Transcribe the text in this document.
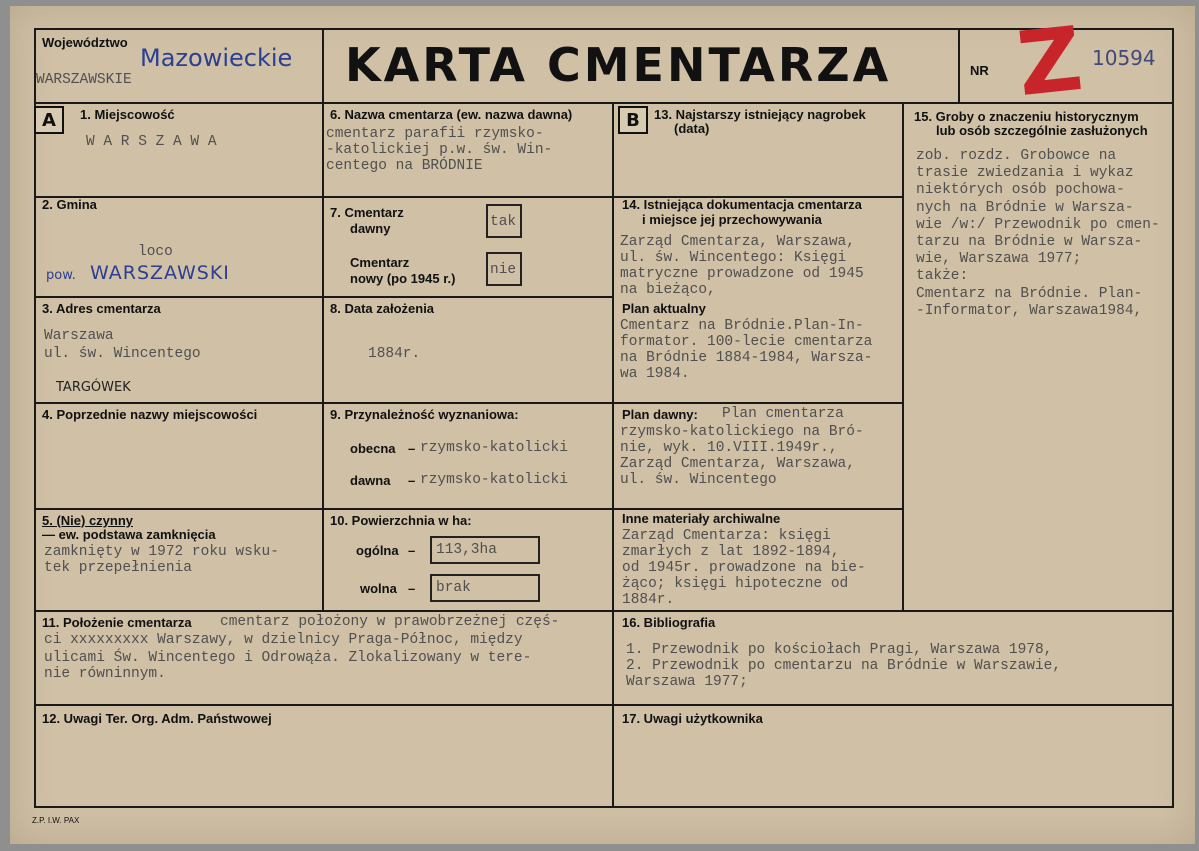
Województwo
Mazowieckie
WARSZAWSKIE	KARTA CMENTARZA	NR Z 10594
A	1. Miejscowość
W A R S Z A W A
2. Gmina
loco
pow. WARSZAWSKI
3. Adres cmentarza
Warszawa
ul. św. Wincentego
TARGÓWEK
4. Poprzednie nazwy miejscowości
5. (Nie) czynny
— ew. podstawa zamknięcia
zamknięty w 1972 roku wsku-
tek przepełnienia
6. Nazwa cmentarza (ew. nazwa dawna)
cmentarz parafii rzymsko-
-katolickiej p.w. św. Win-
centego na BRÓDNIE
7. Cmentarz
dawny	tak
Cmentarz
nowy (po 1945 r.)
nie
8. Data założenia
1884r.
9. Przynależność wyznaniowa:
obecna – rzymsko-katolicki
dawna – rzymsko-katolicki
10. Powierzchnia w ha:
ogólna – 113,3ha
wolna – brak
B	13. Najstarszy istniejący nagrobek
(data)
14. Istniejąca dokumentacja cmentarza
i miejsce jej przechowywania
Zarząd Cmentarza, Warszawa,
ul. św. Wincentego: Księgi
matryczne prowadzone od 1945
na bieżąco,
Plan aktualny
Cmentarz na Bródnie.Plan-In-
formator. 100-lecie cmentarza
na Bródnie 1884-1984, Warsza-
wa 1984.
Plan dawny: Plan cmentarza
rzymsko-katolickiego na Bró-
nie, wyk. 10.VIII.1949r.,
Zarząd Cmentarza, Warszawa,
ul. św. Wincentego
Inne materiały archiwalne
Zarząd Cmentarza: księgi
zmarłych z lat 1892-1894,
od 1945r. prowadzone na bie-
żąco; księgi hipoteczne od
1884r.
15. Groby o znaczeniu historycznym
lub osób szczególnie zasłużonych
zob. rozdz. Grobowce na
trasie zwiedzania i wykaz
niektórych osób pochowa-
nych na Bródnie w Warsza-
wie /w:/ Przewodnik po cmen-
tarzu na Bródnie w Warsza-
wie, Warszawa 1977;
także:
Cmentarz na Bródnie. Plan-
-Informator, Warszawa1984,
11. Położenie cmentarza cmentarz położony w prawobrzeżnej częś-
ci xxxxxxxxx Warszawy, w dzielnicy Praga-Północ, między
ulicami Św. Wincentego i Odrowąża. Zlokalizowany w tere-
nie równinnym.
16. Bibliografia
1. Przewodnik po kościołach Pragi, Warszawa 1978,
2. Przewodnik po cmentarzu na Bródnie w Warszawie,
Warszawa 1977;
12. Uwagi Ter. Org. Adm. Państwowej	17. Uwagi użytkownika
Z.P. I.W. PAX
